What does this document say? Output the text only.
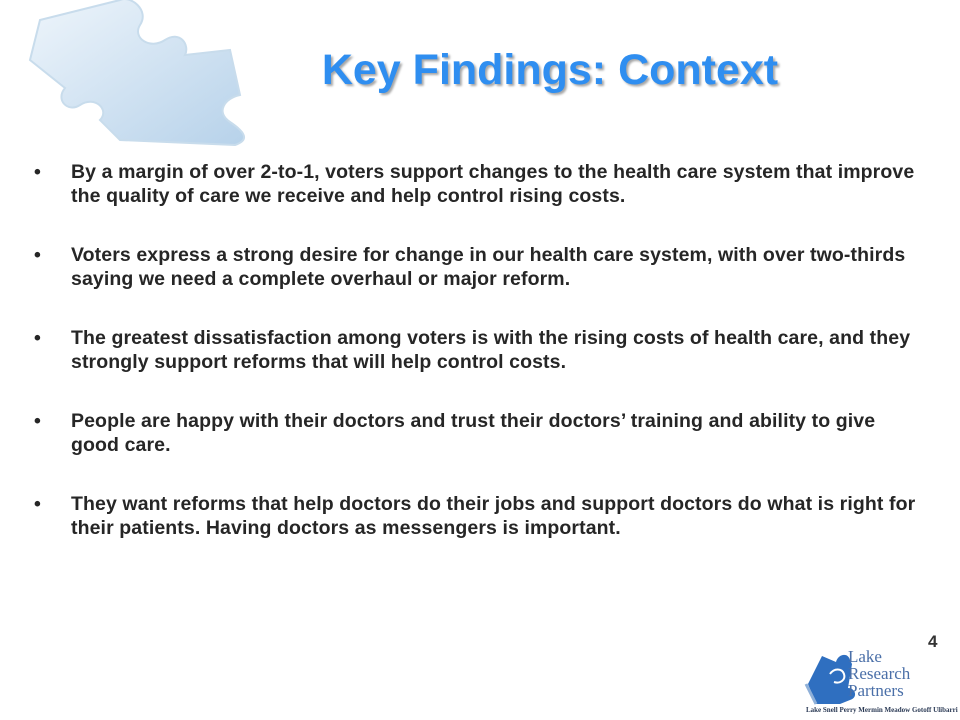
Key Findings: Context
• By a margin of over 2-to-1, voters support changes to the health care system that improve the quality of care we receive and help control rising costs.
• Voters express a strong desire for change in our health care system, with over two-thirds saying we need a complete overhaul or major reform.
• The greatest dissatisfaction among voters is with the rising costs of health care, and they strongly support reforms that will help control costs.
• People are happy with their doctors and trust their doctors’ training and ability to give good care.
• They want reforms that help doctors do their jobs and support doctors do what is right for their patients. Having doctors as messengers is important.
4
Lake
Research
Partners
Lake Snell Perry Mermin Meadow Gotoff Ulibarri
